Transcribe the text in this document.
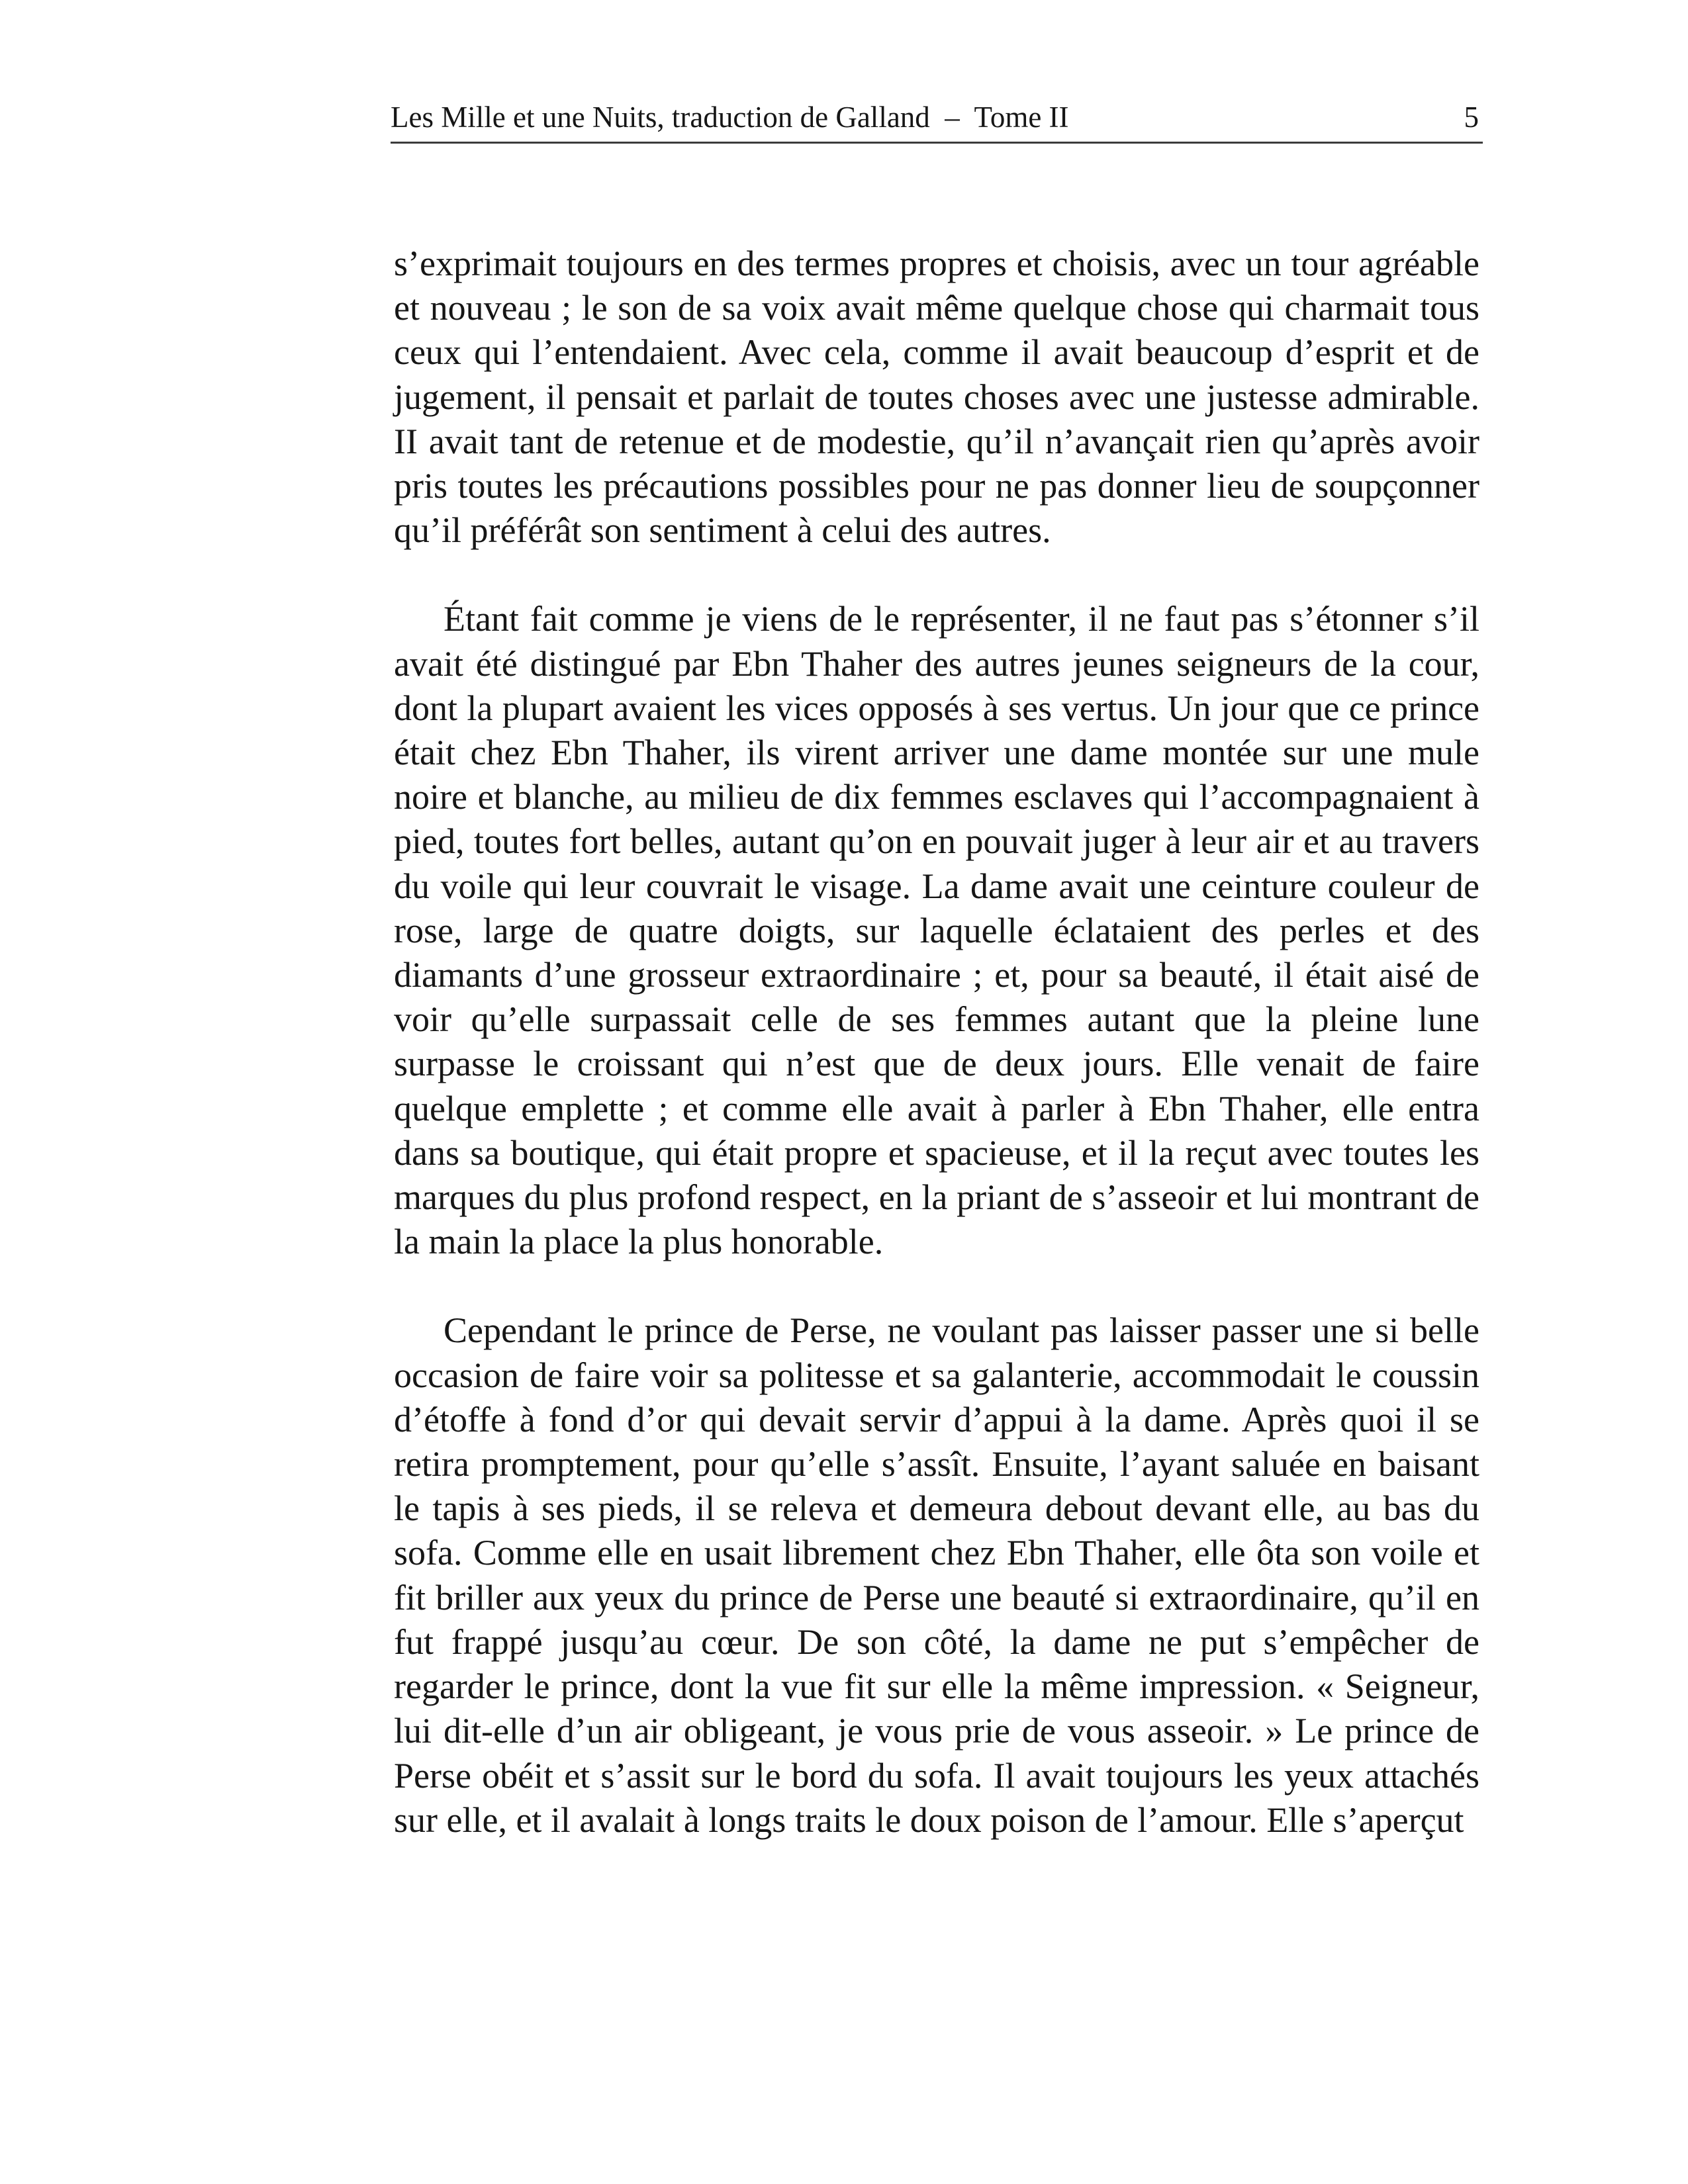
Les Mille et une Nuits, traduction de Galland  –  Tome II	5

s’exprimait toujours en des termes propres et choisis, avec un tour agréable et nouveau ; le son de sa voix avait même quelque chose qui charmait tous ceux qui l’entendaient. Avec cela, comme il avait beaucoup d’esprit et de jugement, il pensait et parlait de toutes choses avec une justesse admirable. II avait tant de retenue et de modestie, qu’il n’avançait rien qu’après avoir pris toutes les précautions possibles pour ne pas donner lieu de soupçonner qu’il préférât son sentiment à celui des autres.

Étant fait comme je viens de le représenter, il ne faut pas s’étonner s’il avait été distingué par Ebn Thaher des autres jeunes seigneurs de la cour, dont la plupart avaient les vices opposés à ses vertus. Un jour que ce prince était chez Ebn Thaher, ils virent arriver une dame montée sur une mule noire et blanche, au milieu de dix femmes esclaves qui l’accompagnaient à pied, toutes fort belles, autant qu’on en pouvait juger à leur air et au travers du voile qui leur couvrait le visage. La dame avait une ceinture couleur de rose, large de quatre doigts, sur laquelle éclataient des perles et des diamants d’une grosseur extraordinaire ; et, pour sa beauté, il était aisé de voir qu’elle surpassait celle de ses femmes autant que la pleine lune surpasse le croissant qui n’est que de deux jours. Elle venait de faire quelque emplette ; et comme elle avait à parler à Ebn Thaher, elle entra dans sa boutique, qui était propre et spacieuse, et il la reçut avec toutes les marques du plus profond respect, en la priant de s’asseoir et lui montrant de la main la place la plus honorable.

Cependant le prince de Perse, ne voulant pas laisser passer une si belle occasion de faire voir sa politesse et sa galanterie, accommodait le coussin d’étoffe à fond d’or qui devait servir d’appui à la dame. Après quoi il se retira promptement, pour qu’elle s’assît. Ensuite, l’ayant saluée en baisant le tapis à ses pieds, il se releva et demeura debout devant elle, au bas du sofa. Comme elle en usait librement chez Ebn Thaher, elle ôta son voile et fit briller aux yeux du prince de Perse une beauté si extraordinaire, qu’il en fut frappé jusqu’au cœur. De son côté, la dame ne put s’empêcher de regarder le prince, dont la vue fit sur elle la même impression. « Seigneur, lui dit-elle d’un air obligeant, je vous prie de vous asseoir. » Le prince de Perse obéit et s’assit sur le bord du sofa. Il avait toujours les yeux attachés sur elle, et il avalait à longs traits le doux poison de l’amour. Elle s’aperçut
